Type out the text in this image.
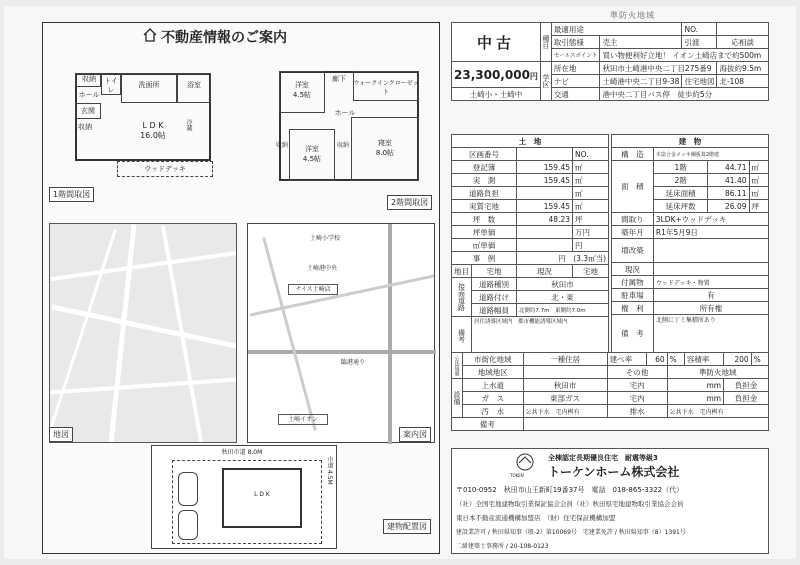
準防火地域
不動産情報のご案内
収納	トイレ
洗面所	浴室
ホール
玄関
収納	L D K
16.0帖
冷蔵
ウッドデッキ
1階間取図
洋室
4.5帖
廊下
ウォークインクローゼット
ホール
洋室
4.5帖
寝室
8.0帖
収納	収納
2階間取図
地図
土崎小学校
土崎港中央
ナイス土崎店
臨港通り
土崎イオン
案内図
秋田市道 8.0M
市道 4.5M
L D K
建物配置図
中古	種目	最適用途		NO.	
		取引態様	売主	引渡	応相談
		セールスポイント	買い物便利好立地！ イオン土崎店まで約500m		
23,300,000円	学区	所在地	秋田市土崎港中央二丁目275番9		海抜約9.5m
		ナビ	土崎港中央二丁目9-38	住宅地図	北-108
土崎小・土崎中		交通	港中央二丁目バス停　徒歩約5分		
土　地			
区画番号			NO.
登記簿		159.45	㎡
実　測		159.45	㎡
道路負担			㎡
実質宅地		159.45	㎡
坪　数		48.23	坪
坪単価			万円
㎡単価			円
事　例		円　(3.3㎡当)	
地目	宅地	現況	宅地
接面道路	道路種別	秋田市	
	道路付け	北・東	
	道路幅員	北側約7.7m　東側約7.0m	
備考	居住誘導区域内　都市機能誘導区域内		
建　物			
構　造	木造合金メッキ鋼板葺2階建		
面　積	1階	44.71	㎡
	2階	41.40	㎡
	延床面積	86.11	㎡
	延床坪数	26.09	坪
間取り	3LDK+ウッドデッキ		
築年月	R1年5月9日		
増改築			
現況			
付属物	ウッドデッキ・物置		
駐車場	有		
権　利	所有権		
備　考	北側に丁ミ集積所あり		
公法規制	市街化地域	一種住居	建ぺ率	60	%	容積率	200	%
	地域地区		その他		準防火地域			
設備	上水道	秋田市	宅内		mm		負担金	
	ガ　ス	東部ガス	宅内		mm		負担金	
	汚　水	公共下水　宅内桝有	排水		公共下水　宅内桝有			
備考								
TOKEN
全棟認定長期優良住宅　耐震等級3
トーケンホーム株式会社
〒010-0952　秋田市山王新町19番37号　電話　018-865-3322（代）
（社）全国宅地建物取引業保証協会会員（社）秋田県宅地建物取引業協会会員
東日本不動産流通機構加盟店　（財）住宅保証機構加盟
建設業許可 / 秋田県知事（般-2）第10069号　宅建業免許 / 秋田県知事（8）1391号
二級建築士事務所 / 20-108-0123
